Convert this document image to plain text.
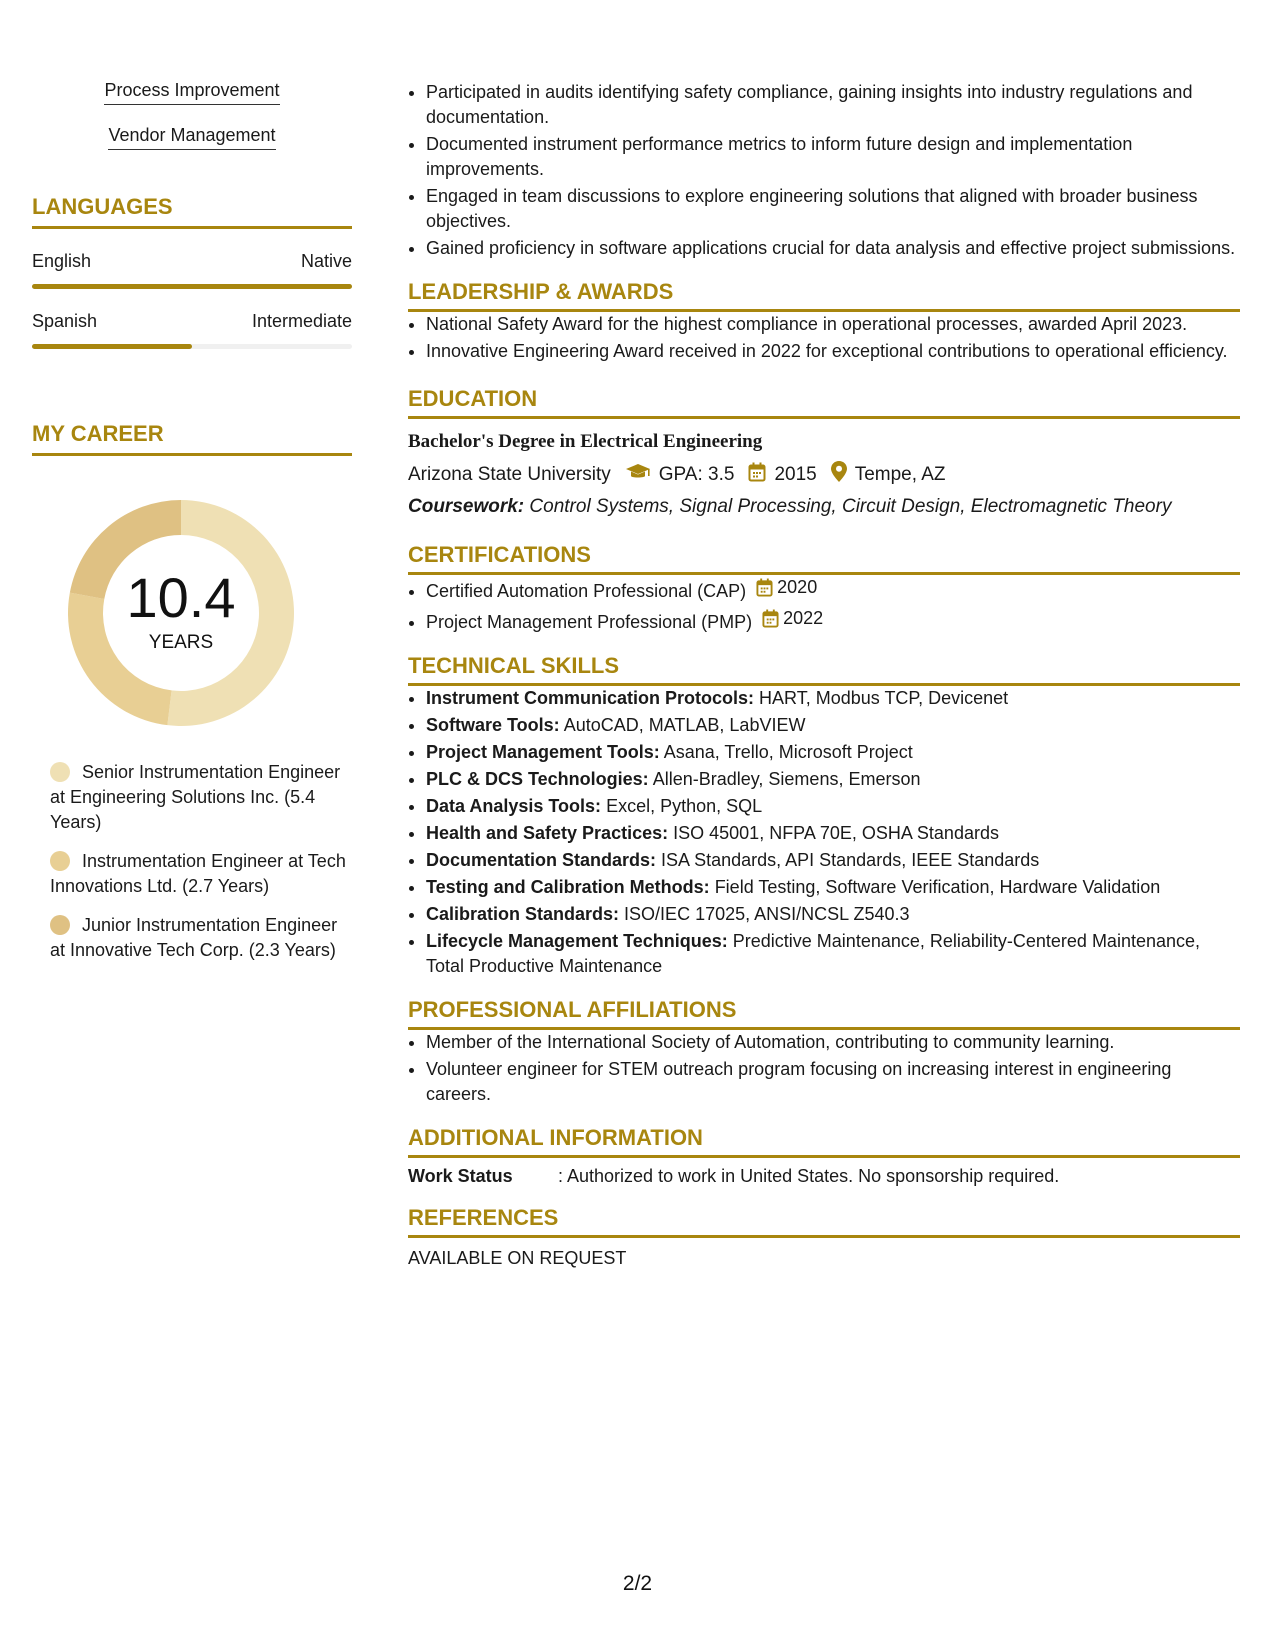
Process Improvement
Vendor Management
LANGUAGES
English	Native
Spanish	Intermediate
MY CAREER
10.4
YEARS
Senior Instrumentation Engineer at Engineering Solutions Inc. (5.4 Years)
Instrumentation Engineer at Tech Innovations Ltd. (2.7 Years)
Junior Instrumentation Engineer at Innovative Tech Corp. (2.3 Years)
• Participated in audits identifying safety compliance, gaining insights into industry regulations and documentation.
• Documented instrument performance metrics to inform future design and implementation improvements.
• Engaged in team discussions to explore engineering solutions that aligned with broader business objectives.
• Gained proficiency in software applications crucial for data analysis and effective project submissions.
LEADERSHIP & AWARDS
• National Safety Award for the highest compliance in operational processes, awarded April 2023.
• Innovative Engineering Award received in 2022 for exceptional contributions to operational efficiency.
EDUCATION
Bachelor's Degree in Electrical Engineering
Arizona State University	GPA: 3.5 2015 Tempe, AZ
Coursework: Control Systems, Signal Processing, Circuit Design, Electromagnetic Theory
CERTIFICATIONS
• Certified Automation Professional (CAP) 2020
• Project Management Professional (PMP) 2022
TECHNICAL SKILLS
• Instrument Communication Protocols: HART, Modbus TCP, Devicenet
• Software Tools: AutoCAD, MATLAB, LabVIEW
• Project Management Tools: Asana, Trello, Microsoft Project
• PLC & DCS Technologies: Allen-Bradley, Siemens, Emerson
• Data Analysis Tools: Excel, Python, SQL
• Health and Safety Practices: ISO 45001, NFPA 70E, OSHA Standards
• Documentation Standards: ISA Standards, API Standards, IEEE Standards
• Testing and Calibration Methods: Field Testing, Software Verification, Hardware Validation
• Calibration Standards: ISO/IEC 17025, ANSI/NCSL Z540.3
• Lifecycle Management Techniques: Predictive Maintenance, Reliability-Centered Maintenance, Total Productive Maintenance
PROFESSIONAL AFFILIATIONS
• Member of the International Society of Automation, contributing to community learning.
• Volunteer engineer for STEM outreach program focusing on increasing interest in engineering careers.
ADDITIONAL INFORMATION
Work Status	: Authorized to work in United States. No sponsorship required.
REFERENCES
AVAILABLE ON REQUEST
2/2
